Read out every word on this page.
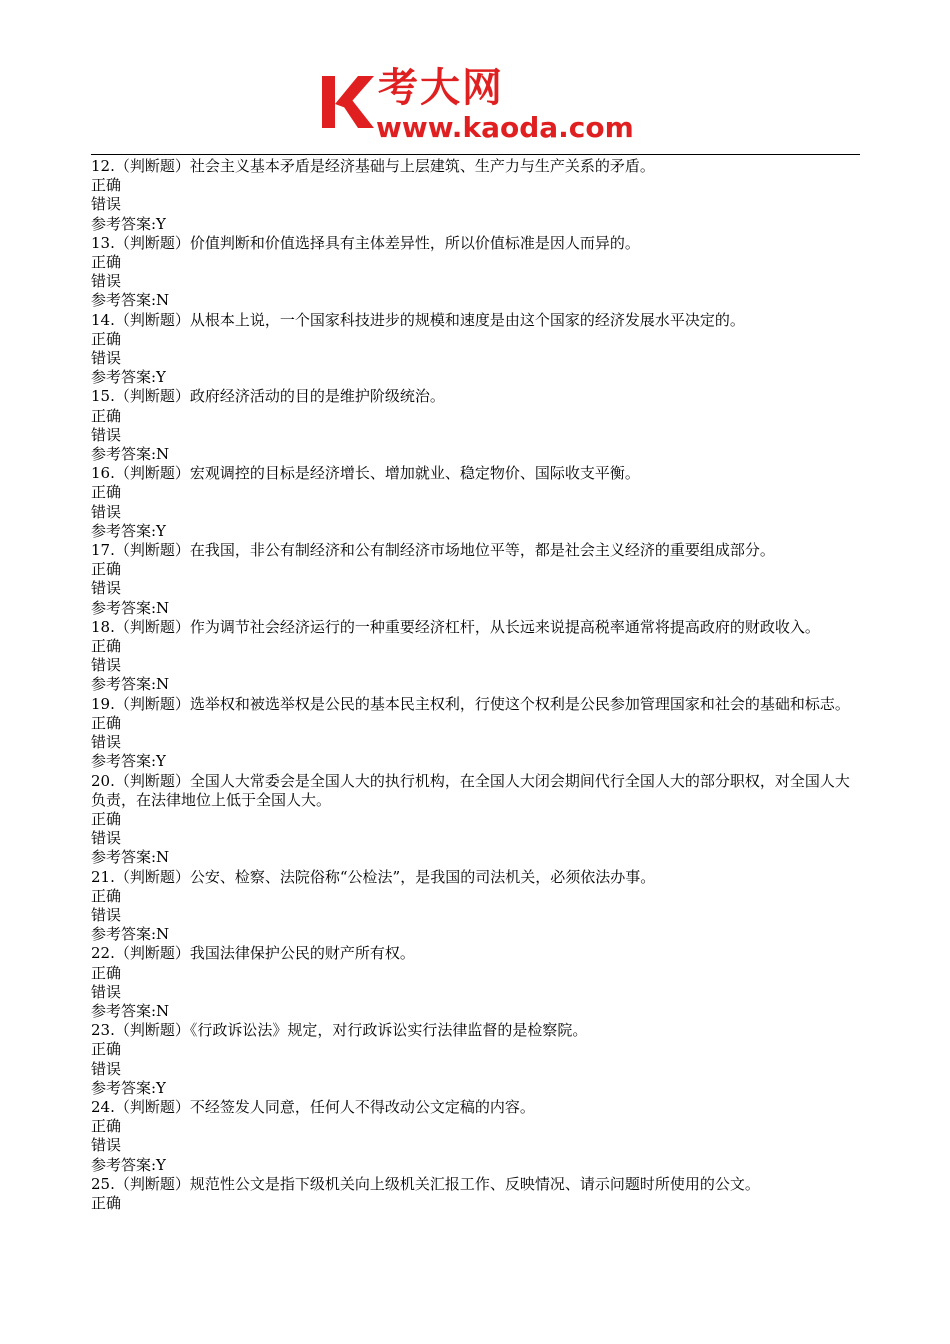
考大网
www.kaoda.com
12.（判断题）社会主义基本矛盾是经济基础与上层建筑、生产力与生产关系的矛盾。
正确
错误
参考答案:Y
13.（判断题）价值判断和价值选择具有主体差异性，所以价值标准是因人而异的。
正确
错误
参考答案:N
14.（判断题）从根本上说，一个国家科技进步的规模和速度是由这个国家的经济发展水平决定的。
正确
错误
参考答案:Y
15.（判断题）政府经济活动的目的是维护阶级统治。
正确
错误
参考答案:N
16.（判断题）宏观调控的目标是经济增长、增加就业、稳定物价、国际收支平衡。
正确
错误
参考答案:Y
17.（判断题）在我国，非公有制经济和公有制经济市场地位平等，都是社会主义经济的重要组成部分。
正确
错误
参考答案:N
18.（判断题）作为调节社会经济运行的一种重要经济杠杆，从长远来说提高税率通常将提高政府的财政收入。
正确
错误
参考答案:N
19.（判断题）选举权和被选举权是公民的基本民主权利，行使这个权利是公民参加管理国家和社会的基础和标志。
正确
错误
参考答案:Y
20.（判断题）全国人大常委会是全国人大的执行机构，在全国人大闭会期间代行全国人大的部分职权，对全国人大负责，在法律地位上低于全国人大。
正确
错误
参考答案:N
21.（判断题）公安、检察、法院俗称“公检法”，是我国的司法机关，必须依法办事。
正确
错误
参考答案:N
22.（判断题）我国法律保护公民的财产所有权。
正确
错误
参考答案:N
23.（判断题）《行政诉讼法》规定，对行政诉讼实行法律监督的是检察院。
正确
错误
参考答案:Y
24.（判断题）不经签发人同意，任何人不得改动公文定稿的内容。
正确
错误
参考答案:Y
25.（判断题）规范性公文是指下级机关向上级机关汇报工作、反映情况、请示问题时所使用的公文。
正确
